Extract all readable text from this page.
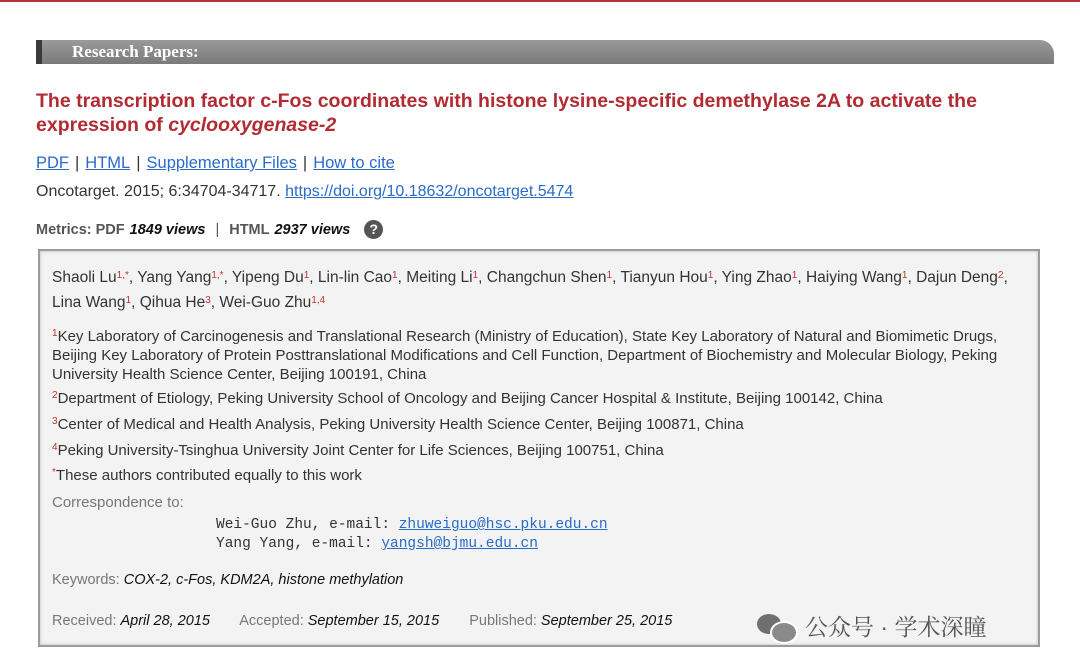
Research Papers:
The transcription factor c-Fos coordinates with histone lysine-specific demethylase 2A to activate the expression of cyclooxygenase-2
PDF | HTML | Supplementary Files | How to cite
Oncotarget. 2015; 6:34704-34717. https://doi.org/10.18632/oncotarget.5474
Metrics: PDF 1849 views | HTML 2937 views	?
Shaoli $Lu^{1,*}$, Yang Yang$^{1,*}$, Yipeng Du$^1$, Lin-lin Cao$^1$, Meiting Li$^1$, Changchun Shen$^1$, Tianyun Hou$^1$, Ying Zhao$^1$, Haiying Wang$^1$, Dajun Deng$^2$, Lina Wang$^1$, Qihua He$^3$, Wei-Guo Zhu$^{1,4}$
$^1$Key Laboratory of Carcinogenesis and Translational Research (Ministry of Education), State Key Laboratory of Natural and Biomimetic Drugs, Beijing Key Laboratory of Protein Posttranslational Modifications and Cell Function, Department of Biochemistry and Molecular Biology, Peking University Health Science Center, Beijing 100191, China
$^2$Department of Etiology, Peking University School of Oncology and Beijing Cancer Hospital & Institute, Beijing 100142, China
$^3$Center of Medical and Health Analysis, Peking University Health Science Center, Beijing 100871, China
$^4$Peking University-Tsinghua University Joint Center for Life Sciences, Beijing 100751, China
*These authors contributed equally to this work
Correspondence to:
Wei-Guo Zhu, e-mail: zhuweiguo@hsc.pku.edu.cn
Yang Yang, e-mail: yangsh@bjmu.edu.cn
Keywords: COX-2, c-Fos, KDM2A, histone methylation
Received: April 28, 2015 Accepted: September 15, 2015 Published: September 25, 2015	公众号 · 学术深瞳
